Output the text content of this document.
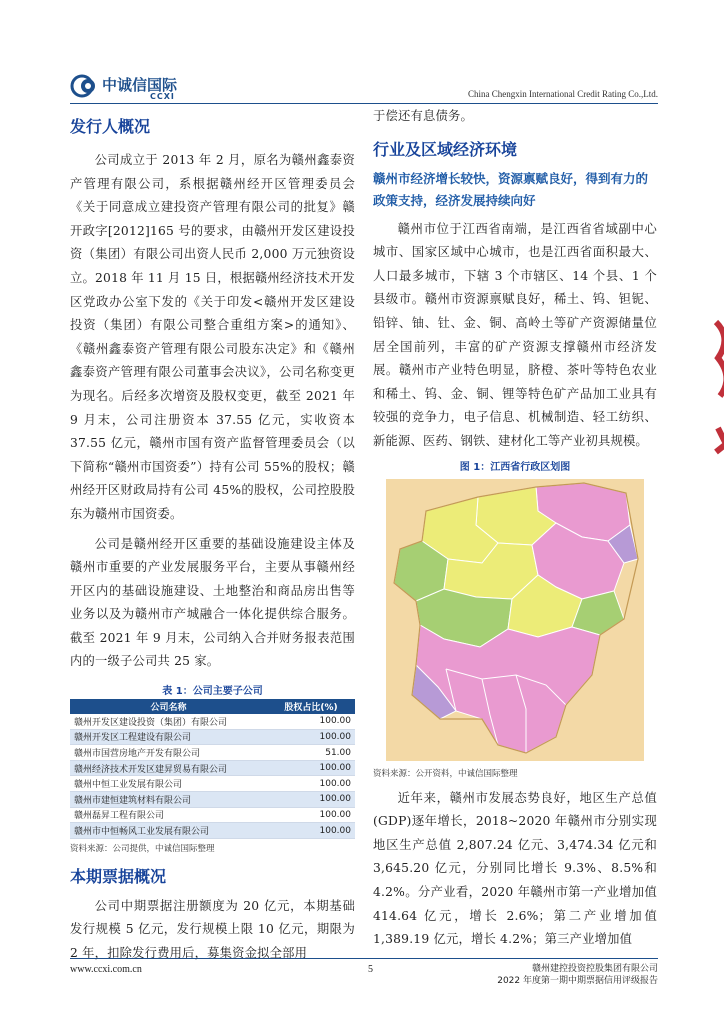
中诚信国际
CCXI	China Chengxin International Credit Rating Co.,Ltd.
发行人概况

公司成立于 2013 年 2 月，原名为赣州鑫泰资产管理有限公司，系根据赣州经开区管理委员会《关于同意成立建投资产管理有限公司的批复》赣开政字[2012]165 号的要求，由赣州开发区建设投资（集团）有限公司出资人民币 2,000 万元独资设立。2018 年 11 月 15 日，根据赣州经济技术开发区党政办公室下发的《关于印发<赣州开发区建设投资（集团）有限公司整合重组方案>的通知》、《赣州鑫泰资产管理有限公司股东决定》和《赣州鑫泰资产管理有限公司董事会决议》，公司名称变更为现名。后经多次增资及股权变更，截至 2021 年 9 月末，公司注册资本 37.55 亿元，实收资本 37.55 亿元，赣州市国有资产监督管理委员会（以下简称“赣州市国资委”）持有公司 55%的股权；赣州经开区财政局持有公司 45%的股权，公司控股股东为赣州市国资委。

公司是赣州经开区重要的基础设施建设主体及赣州市重要的产业发展服务平台，主要从事赣州经开区内的基础设施建设、土地整治和商品房出售等业务以及为赣州市产城融合一体化提供综合服务。截至 2021 年 9 月末，公司纳入合并财务报表范围内的一级子公司共 25 家。

表 1：公司主要子公司
公司名称	股权占比(%)
赣州开发区建设投资（集团）有限公司	100.00
赣州开发区工程建设有限公司	100.00
赣州市国营房地产开发有限公司	51.00
赣州经济技术开发区建昇贸易有限公司	100.00
赣州中恒工业发展有限公司	100.00
赣州市建恒建筑材料有限公司	100.00
赣州磊昇工程有限公司	100.00
赣州市中恒畅风工业发展有限公司	100.00
资料来源：公司提供，中诚信国际整理
本期票据概况

公司中期票据注册额度为 20 亿元，本期基础发行规模 5 亿元，发行规模上限 10 亿元，期限为 2 年，扣除发行费用后，募集资金拟全部用

于偿还有息债务。

行业及区域经济环境

赣州市经济增长较快，资源禀赋良好，得到有力的政策支持，经济发展持续向好

赣州市位于江西省南端，是江西省省域副中心城市、国家区域中心城市，也是江西省面积最大、人口最多城市，下辖 3 个市辖区、14 个县、1 个县级市。赣州市资源禀赋良好，稀土、钨、钽铌、铅锌、铀、钍、金、铜、高岭土等矿产资源储量位居全国前列，丰富的矿产资源支撑赣州市经济发展。赣州市产业特色明显，脐橙、茶叶等特色农业和稀土、钨、金、铜、锂等特色矿产品加工业具有较强的竞争力，电子信息、机械制造、轻工纺织、新能源、医药、钢铁、建材化工等产业初具规模。

图 1：江西省行政区划图
资料来源：公开资料，中诚信国际整理

近年来，赣州市发展态势良好，地区生产总值(GDP)逐年增长，2018~2020 年赣州市分别实现地区生产总值 2,807.24 亿元、3,474.34 亿元和 3,645.20 亿元，分别同比增长 9.3%、8.5%和 4.2%。分产业看，2020 年赣州市第一产业增加值 414.64 亿元，增长 2.6%；第二产业增加值 1,389.19 亿元，增长 4.2%；第三产业增加值

www.ccxi.com.cn	5	赣州建控投资控股集团有限公司
2022 年度第一期中期票据信用评级报告
